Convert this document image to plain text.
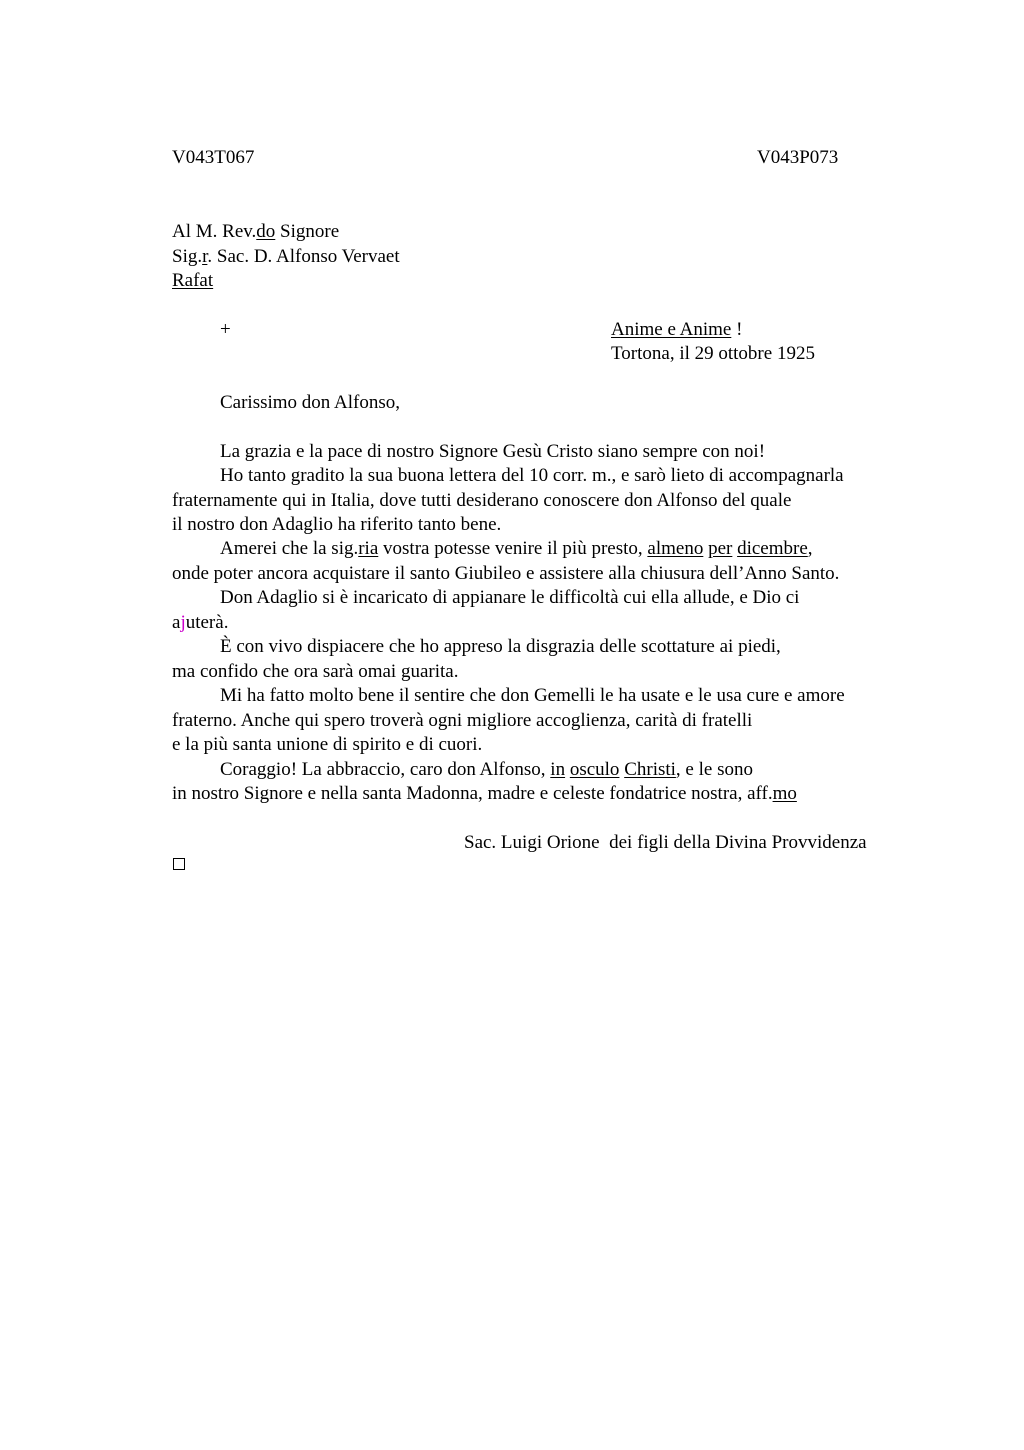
V043T067	V043P073
Al M. Rev.do Signore
Sig.r. Sac. D. Alfonso Vervaet
Rafat
+	Anime e Anime !
Tortona, il 29 ottobre 1925
Carissimo don Alfonso,
La grazia e la pace di nostro Signore Gesù Cristo siano sempre con noi!
Ho tanto gradito la sua buona lettera del 10 corr. m., e sarò lieto di accompagnarla
fraternamente qui in Italia, dove tutti desiderano conoscere don Alfonso del quale
il nostro don Adaglio ha riferito tanto bene.
Amerei che la sig.ria vostra potesse venire il più presto, almeno per dicembre,
onde poter ancora acquistare il santo Giubileo e assistere alla chiusura dell’Anno Santo.
Don Adaglio si è incaricato di appianare le difficoltà cui ella allude, e Dio ci
ajuterà.
È con vivo dispiacere che ho appreso la disgrazia delle scottature ai piedi,
ma confido che ora sarà omai guarita.
Mi ha fatto molto bene il sentire che don Gemelli le ha usate e le usa cure e amore
fraterno. Anche qui spero troverà ogni migliore accoglienza, carità di fratelli
e la più santa unione di spirito e di cuori.
Coraggio! La abbraccio, caro don Alfonso, in osculo Christi, e le sono
in nostro Signore e nella santa Madonna, madre e celeste fondatrice nostra, aff.mo
Sac. Luigi Orione  dei figli della Divina Provvidenza
